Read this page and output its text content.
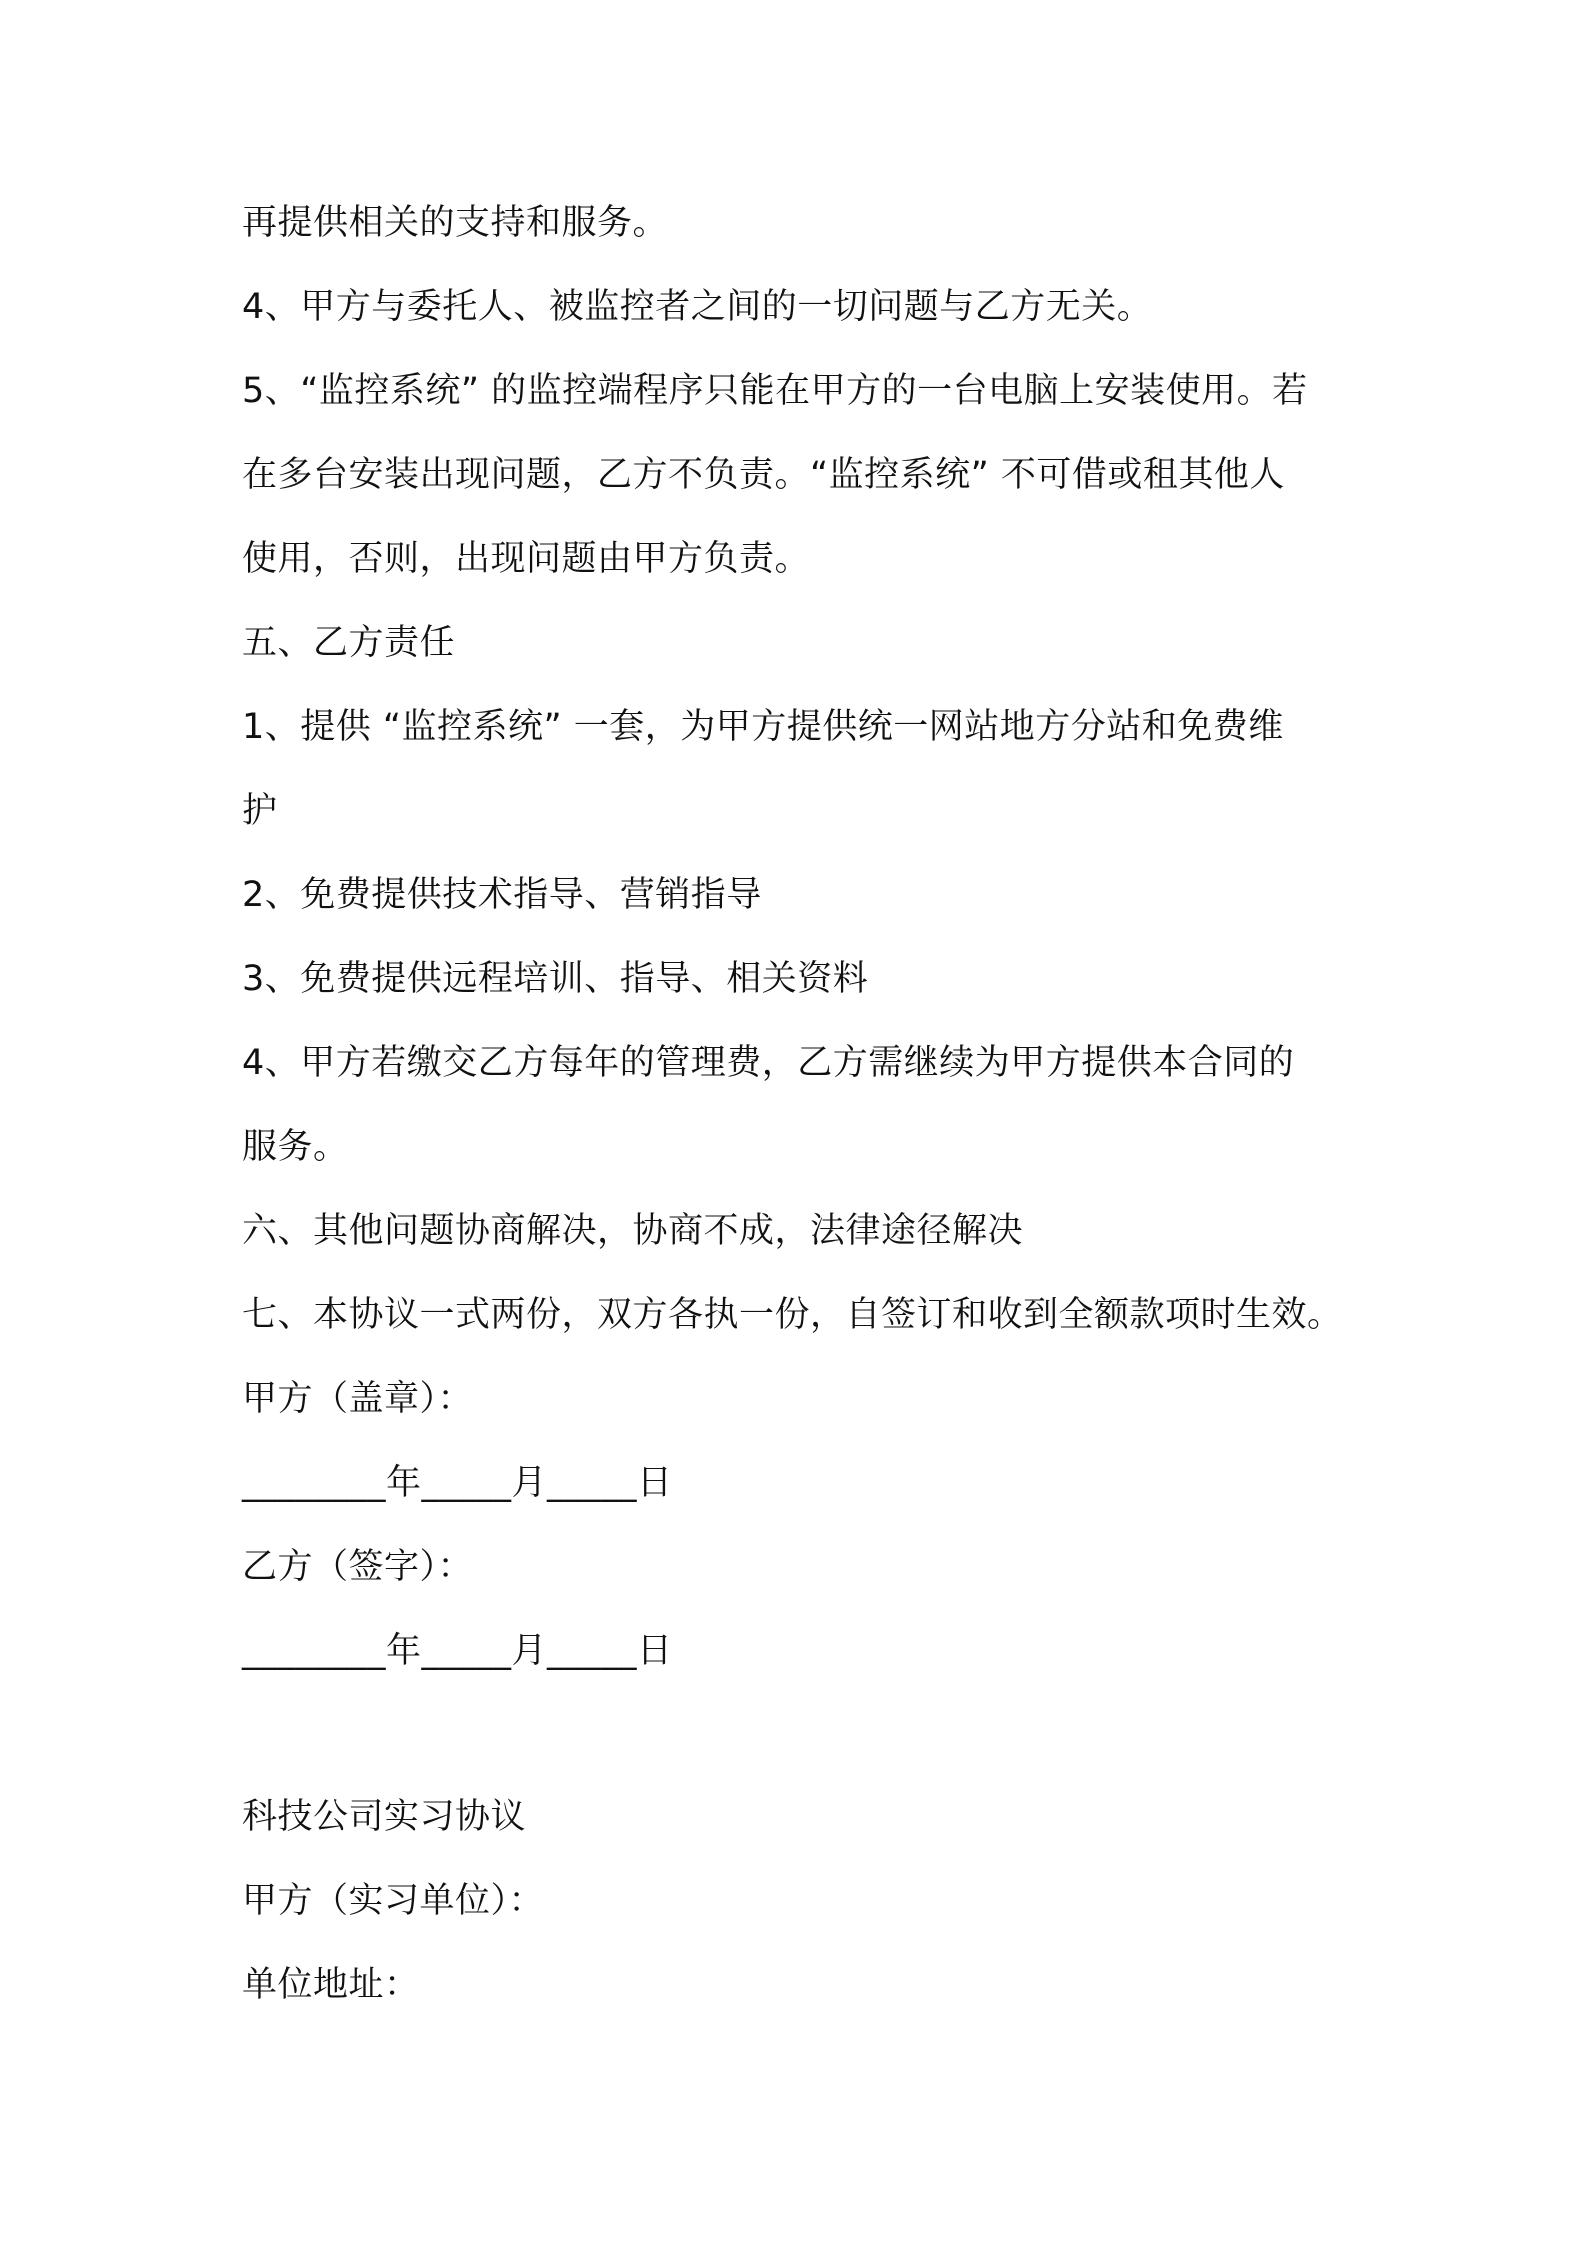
再提供相关的支持和服务。
4、甲方与委托人、被监控者之间的一切问题与乙方无关。
5、“监控系统” 的监控端程序只能在甲方的一台电脑上安装使用。若
在多台安装出现问题，乙方不负责。“监控系统” 不可借或租其他人
使用，否则，出现问题由甲方负责。
五、乙方责任
1、提供 “监控系统” 一套，为甲方提供统一网站地方分站和免费维
护
2、免费提供技术指导、营销指导
3、免费提供远程培训、指导、相关资料
4、甲方若缴交乙方每年的管理费，乙方需继续为甲方提供本合同的
服务。
六、其他问题协商解决，协商不成，法律途径解决
七、本协议一式两份，双方各执一份，自签订和收到全额款项时生效。
甲方（盖章）：
________年_____月_____日
乙方（签字）：
________年_____月_____日
科技公司实习协议
甲方（实习单位）：
单位地址：
